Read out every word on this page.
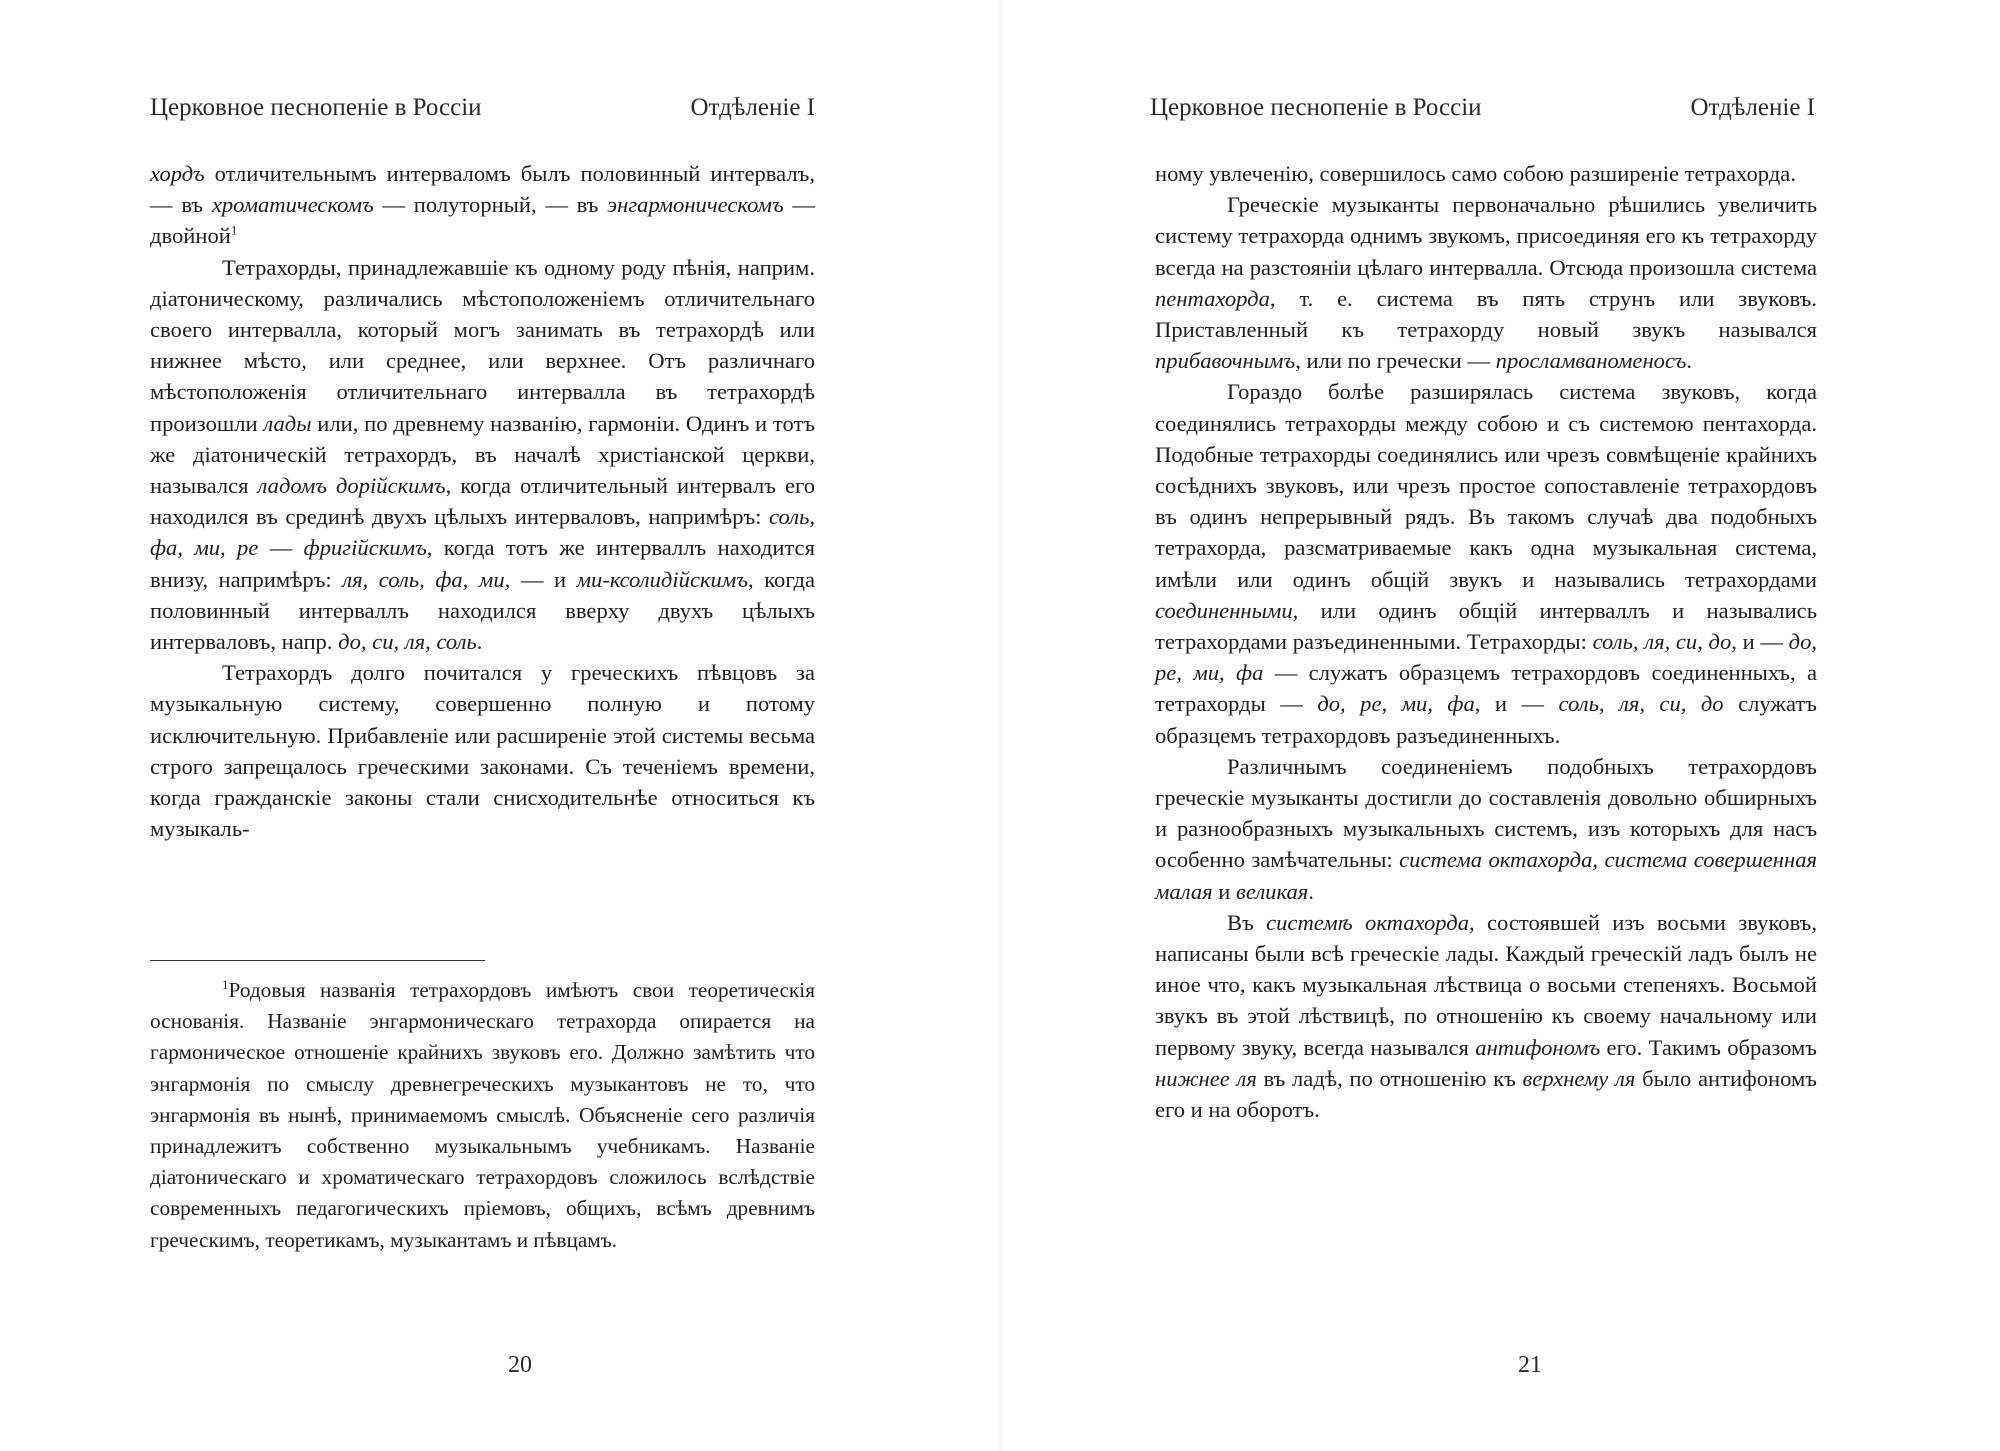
Церковное песнопеніе в Россіи	Отдѣленіе I

хордъ отличительнымъ интерваломъ былъ половинный интервалъ, — въ хроматическомъ — полуторный, — въ энгармоническомъ — двойной$^1$

Тетрахорды, принадлежавшіе къ одному роду пѣнія, наприм. діатоническому, различались мѣстоположеніемъ отличительнаго своего интервалла, который могъ занимать въ тетрахордѣ или нижнее мѣсто, или среднее, или верхнее. Отъ различнаго мѣстоположенія отличительнаго интервалла въ тетрахордѣ произошли лады или, по древнему названію, гармоніи. Одинъ и тотъ же діатоническій тетрахордъ, въ началѣ христіанской церкви, назывался ладомъ дорійскимъ, когда отличительный интервалъ его находился въ срединѣ двухъ цѣлыхъ интерваловъ, напримѣръ: соль, фа, ми, ре — фригійскимъ, когда тотъ же интерваллъ находится внизу, напримѣръ: ля, соль, фа, ми, — и ми-ксолидійскимъ, когда половинный интерваллъ находился вверху двухъ цѣлыхъ интерваловъ, напр. до, си, ля, соль.

Тетрахордъ долго почитался у греческихъ пѣвцовъ за музыкальную систему, совершенно полную и потому исключительную. Прибавленіе или расширеніе этой системы весьма строго запрещалось греческими законами. Съ теченіемъ времени, когда гражданскіе законы стали снисходительнѣе относиться къ музыкаль-

$^1$Родовыя названія тетрахордовъ имѣютъ свои теоретическія основанія. Названіе энгармоническаго тетрахорда опирается на гармоническое отношеніе крайнихъ звуковъ его. Должно замѣтить что энгармонія по смыслу древнегреческихъ музыкантовъ не то, что энгармонія въ нынѣ, принимаемомъ смыслѣ. Объясненіе сего различія принадлежитъ собственно музыкальнымъ учебникамъ. Названіе діатоническаго и хроматическаго тетрахордовъ сложилось вслѣдствіе современныхъ педагогическихъ пріемовъ, общихъ, всѣмъ древнимъ греческимъ, теоретикамъ, музыкантамъ и пѣвцамъ.

20
Церковное песнопеніе в Россіи	Отдѣленіе I

ному увлеченію, совершилось само собою разширеніе тетрахорда.

Греческіе музыканты первоначально рѣшились увеличить систему тетрахорда однимъ звукомъ, присоединяя его къ тетрахорду всегда на разстояніи цѣлаго интервалла. Отсюда произошла система пентахорда, т. е. система въ пять струнъ или звуковъ. Приставленный къ тетрахорду новый звукъ назывался прибавочнымъ, или по гречески — просламваноменосъ.

Гораздо болѣе разширялась система звуковъ, когда соединялись тетрахорды между собою и съ системою пентахорда. Подобные тетрахорды соединялись или чрезъ совмѣщеніе крайнихъ сосѣднихъ звуковъ, или чрезъ простое сопоставленіе тетрахордовъ въ одинъ непрерывный рядъ. Въ такомъ случаѣ два подобныхъ тетрахорда, разсматриваемые какъ одна музыкальная система, имѣли или одинъ общій звукъ и назывались тетрахордами соединенными, или одинъ общій интерваллъ и назывались тетрахордами разъединенными. Тетрахорды: соль, ля, си, до, и — до, ре, ми, фа — служатъ образцемъ тетрахордовъ соединенныхъ, а тетрахорды — до, ре, ми, фа, и — соль, ля, си, до служатъ образцемъ тетрахордовъ разъединенныхъ.

Различнымъ соединеніемъ подобныхъ тетрахордовъ греческіе музыканты достигли до составленія довольно обширныхъ и разнообразныхъ музыкальныхъ системъ, изъ которыхъ для насъ особенно замѣчательны: система октахорда, система совершенная малая и великая.

Въ системѣ октахорда, состоявшей изъ восьми звуковъ, написаны были всѣ греческіе лады. Каждый греческій ладъ былъ не иное что, какъ музыкальная лѣствица о восьми степеняхъ. Восьмой звукъ въ этой лѣствицѣ, по отношенію къ своему начальному или первому звуку, всегда назывался антифономъ его. Такимъ образомъ нижнее ля въ ладѣ, по отношенію къ верхнему ля было антифономъ его и на оборотъ.

21
